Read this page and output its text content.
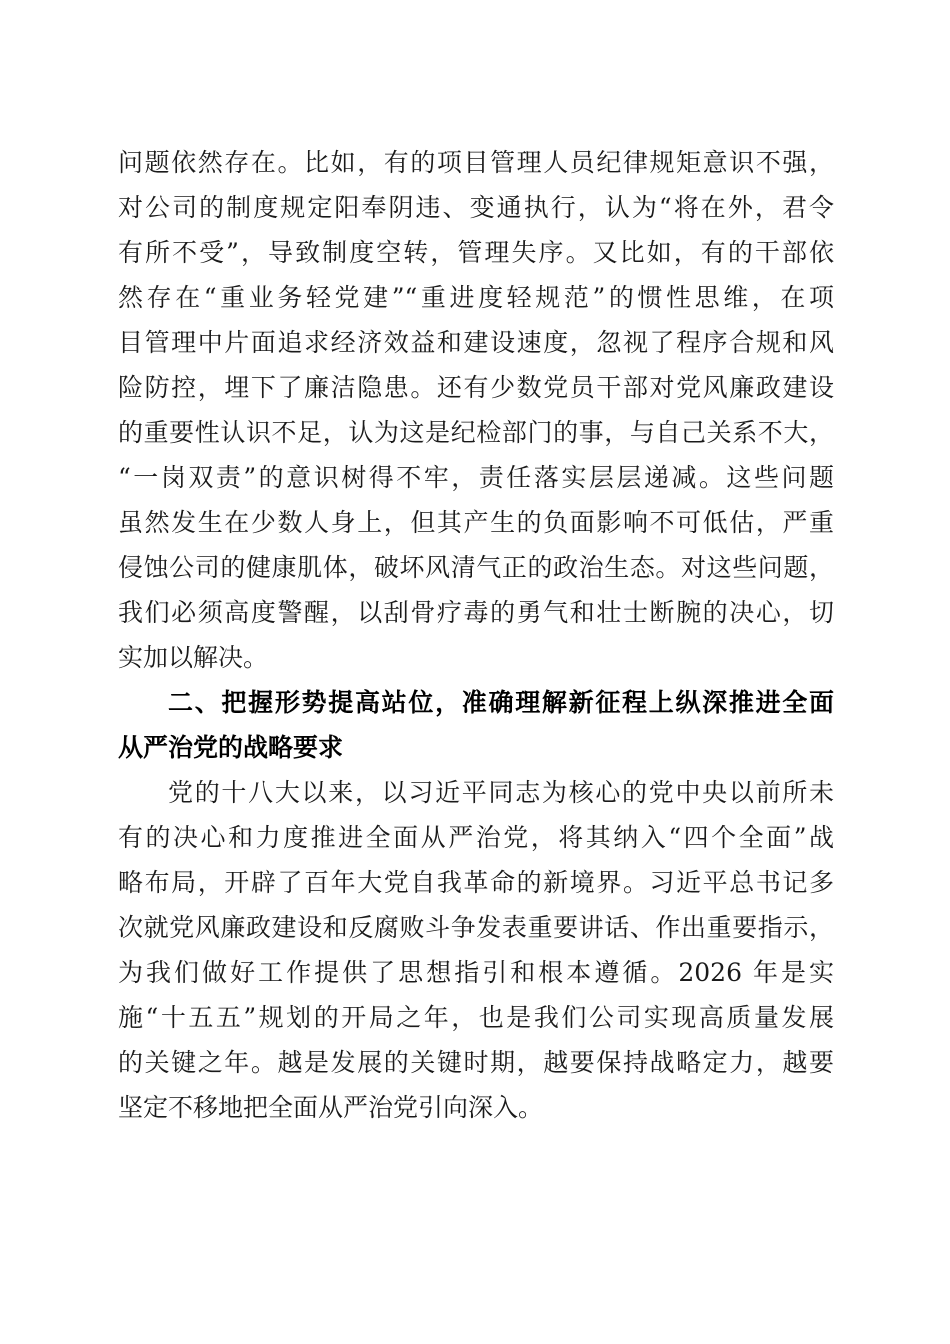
问题依然存在。比如，有的项目管理人员纪律规矩意识不强，
对公司的制度规定阳奉阴违、变通执行，认为“将在外，君令
有所不受”，导致制度空转，管理失序。又比如，有的干部依
然存在“重业务轻党建”“重进度轻规范”的惯性思维，在项
目管理中片面追求经济效益和建设速度，忽视了程序合规和风
险防控，埋下了廉洁隐患。还有少数党员干部对党风廉政建设
的重要性认识不足，认为这是纪检部门的事，与自己关系不大，
“一岗双责”的意识树得不牢，责任落实层层递减。这些问题
虽然发生在少数人身上，但其产生的负面影响不可低估，严重
侵蚀公司的健康肌体，破坏风清气正的政治生态。对这些问题，
我们必须高度警醒，以刮骨疗毒的勇气和壮士断腕的决心，切
实加以解决。
二、把握形势提高站位，准确理解新征程上纵深推进全面
从严治党的战略要求
党的十八大以来，以习近平同志为核心的党中央以前所未
有的决心和力度推进全面从严治党，将其纳入“四个全面”战
略布局，开辟了百年大党自我革命的新境界。习近平总书记多
次就党风廉政建设和反腐败斗争发表重要讲话、作出重要指示，
为我们做好工作提供了思想指引和根本遵循。2026 年是实
施“十五五”规划的开局之年，也是我们公司实现高质量发展
的关键之年。越是发展的关键时期，越要保持战略定力，越要
坚定不移地把全面从严治党引向深入。
